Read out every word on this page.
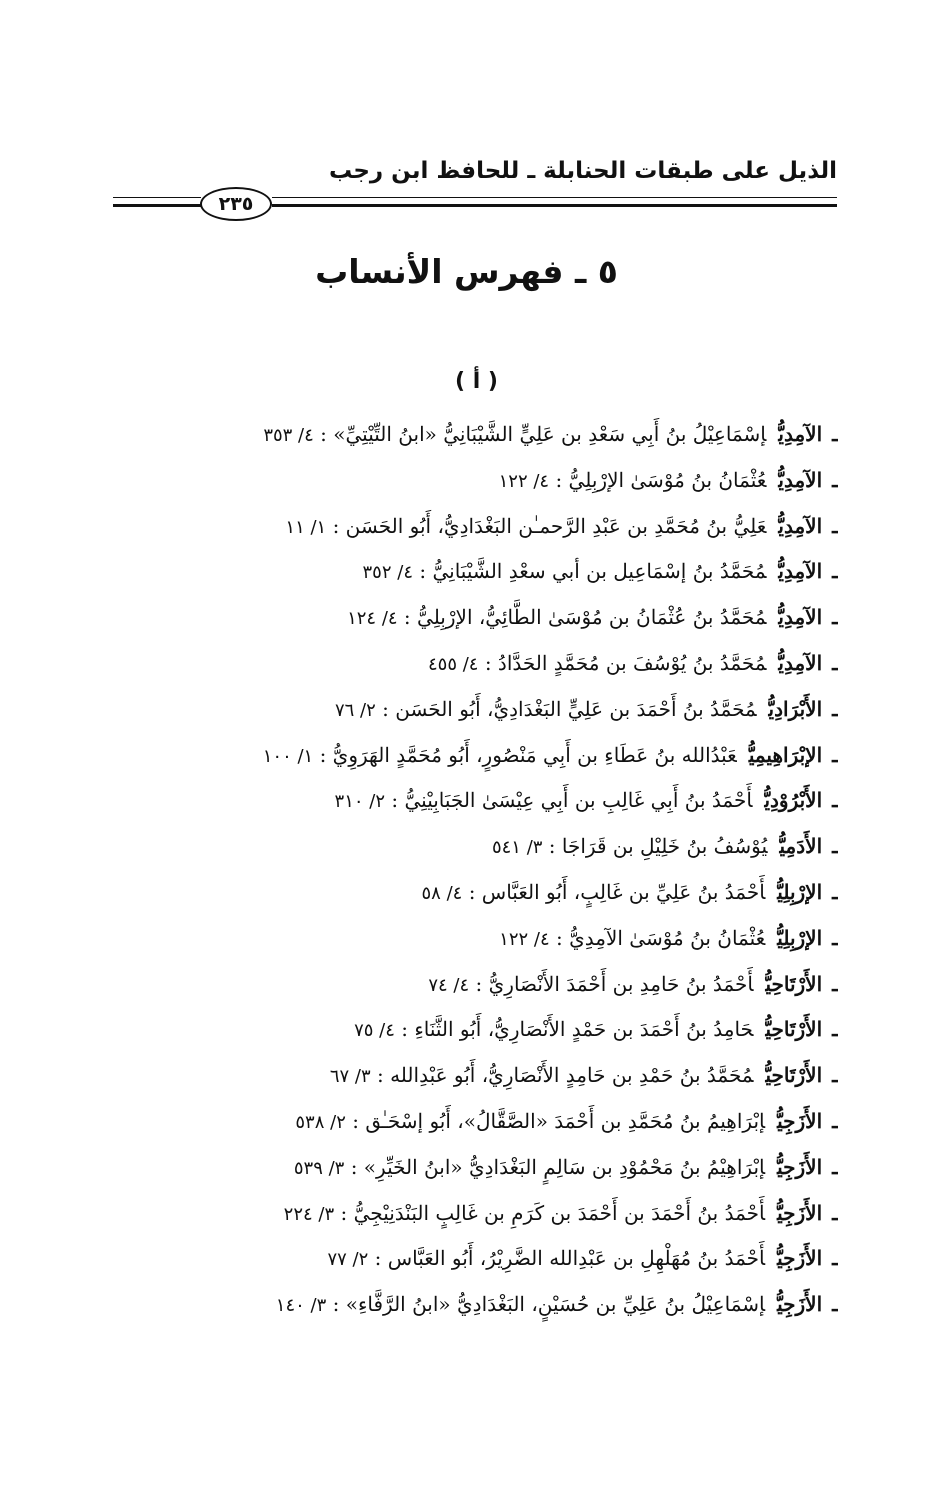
الذيل على طبقات الحنابلة ـ للحافظ ابن رجب
٢٣٥
٥ ـ فهرس الأنساب
( أ )
ـالآمِدِيُّإسْمَاعِيْلُ بنُ أَبِي سَعْدِ بن عَلِيٍّ الشَّيْبَانِيُّ «ابنُ التِّيْتِيِّ» : ٤/ ٣٥٣
ـالآمِدِيُّعُثْمَانُ بنُ مُوْسَىٰ الإرْبِلِيُّ : ٤/ ١٢٢
ـالآمِدِيُّعَلِيُّ بنُ مُحَمَّدِ بن عَبْدِ الرَّحمـٰن البَغْدَادِيُّ، أَبُو الحَسَن : ١/ ١١
ـالآمِدِيُّمُحَمَّدُ بنُ إسْمَاعِيل بن أبي سعْدِ الشَّيْبَانِيُّ : ٤/ ٣٥٢
ـالآمِدِيُّمُحَمَّدُ بنُ عُثْمَانُ بن مُوْسَىٰ الطَّائِيُّ، الإرْبِلِيُّ : ٤/ ١٢٤
ـالآمِدِيُّمُحَمَّدُ بنُ يُوْسُفَ بن مُحَمَّدٍ الحَدَّادُ : ٤/ ٤٥٥
ـالأَبْرَادِيُّمُحَمَّدُ بنُ أَحْمَدَ بن عَلِيٍّ البَغْدَادِيُّ، أَبُو الحَسَن : ٢/ ٧٦
ـالإبْرَاهِيمِيُّعَبْدُالله بنُ عَطَاءِ بن أَبِي مَنْصُورٍ، أَبُو مُحَمَّدٍ الهَرَوِيُّ : ١/ ١٠٠
ـالأَبْرُوْدِيُّأَحْمَدُ بنُ أَبِي غَالِبِ بن أَبِي عِيْسَىٰ الجَبَابِيْنِيُّ : ٢/ ٣١٠
ـالأَدَمِيُّيُوْسُفُ بنُ خَلِيْلِ بن قَرَاجَا : ٣/ ٥٤١
ـالإرْبِلِيُّأَحْمَدُ بنُ عَلِيِّ بن غَالِبٍ، أَبُو العَبَّاس : ٤/ ٥٨
ـالإرْبِلِيُّعُثْمَانُ بنُ مُوْسَىٰ الآمِدِيُّ : ٤/ ١٢٢
ـالأَرْتَاحِيُّأَحْمَدُ بنُ حَامِدِ بن أَحْمَدَ الأَنْصَارِيُّ : ٤/ ٧٤
ـالأَرْتَاحِيُّحَامِدُ بنُ أَحْمَدَ بن حَمْدٍ الأَنْصَارِيُّ، أَبُو الثَّنَاءِ : ٤/ ٧٥
ـالأَرْتَاحِيُّمُحَمَّدُ بنُ حَمْدِ بن حَامِدٍ الأَنْصَارِيُّ، أَبُو عَبْدِالله : ٣/ ٦٧
ـالأَزَجِيُّإبْرَاهِيمُ بنُ مُحَمَّدِ بن أَحْمَدَ «الصَّقَّالُ»، أَبُو إسْحَـٰق : ٢/ ٥٣٨
ـالأَزَجِيُّإبْرَاهِيْمُ بنُ مَحْمُوْدِ بن سَالِمٍ البَغْدَادِيُّ «ابنُ الخَيِّرِ» : ٣/ ٥٣٩
ـالأَزَجِيُّأَحْمَدُ بنُ أَحْمَدَ بن أَحْمَدَ بن كَرَمِ بن غَالِبٍ البَنْدَنِيْجِيُّ : ٣/ ٢٢٤
ـالأَزَجِيُّأَحْمَدُ بنُ مُهَلْهِلِ بن عَبْدِالله الضَّرِيْرُ، أَبُو العَبَّاس : ٢/ ٧٧
ـالأَزَجِيُّإسْمَاعِيْلُ بنُ عَلِيِّ بن حُسَيْنٍ، البَغْدَادِيُّ «ابنُ الرَّفَّاءِ» : ٣/ ١٤٠
